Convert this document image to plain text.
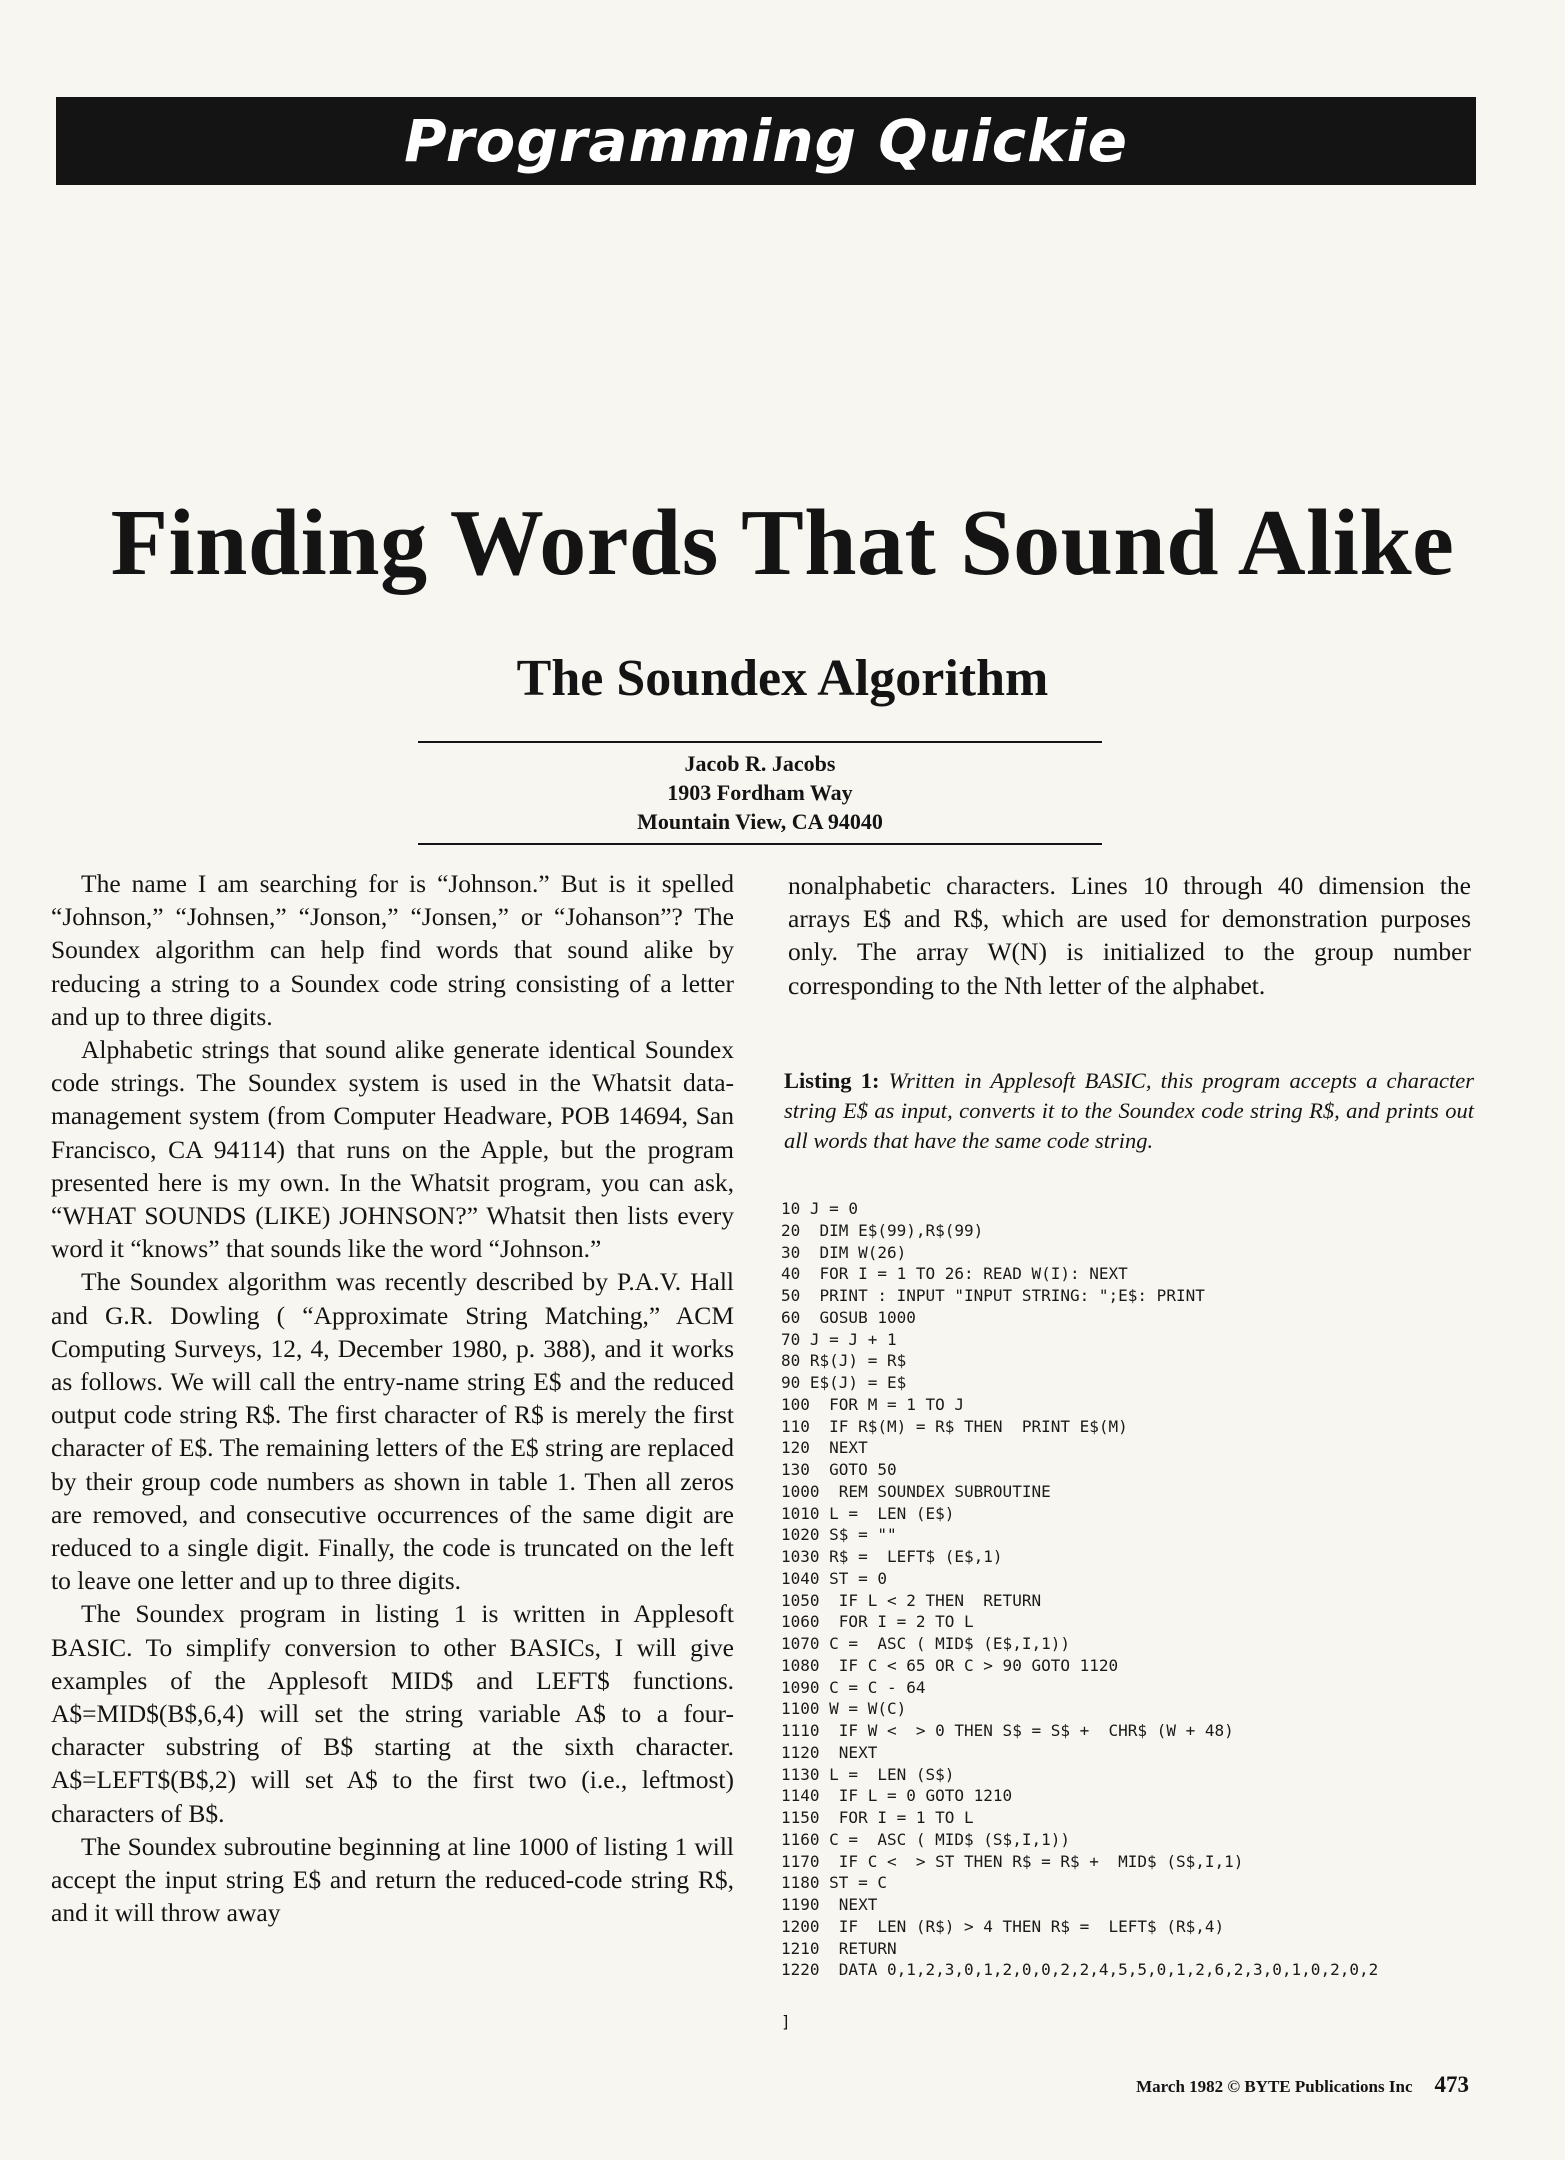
Programming Quickie
Finding Words That Sound Alike
The Soundex Algorithm
Jacob R. Jacobs
1903 Fordham Way
Mountain View, CA 94040

The name I am searching for is “Johnson.” But is it spelled “Johnson,” “Johnsen,” “Jonson,” “Jonsen,” or “Johanson”? The Soundex algorithm can help find words that sound alike by reducing a string to a Soundex code string consisting of a letter and up to three digits.

Alphabetic strings that sound alike generate identical Soundex code strings. The Soundex system is used in the Whatsit data-management system (from Computer Headware, POB 14694, San Francisco, CA 94114) that runs on the Apple, but the program presented here is my own. In the Whatsit program, you can ask, “WHAT SOUNDS (LIKE) JOHNSON?” Whatsit then lists every word it “knows” that sounds like the word “Johnson.”

The Soundex algorithm was recently described by P.A.V. Hall and G.R. Dowling ( “Approximate String Matching,” ACM Computing Surveys, 12, 4, December 1980, p. 388), and it works as follows. We will call the entry-name string E$ and the reduced output code string R$. The first character of R$ is merely the first character of E$. The remaining letters of the E$ string are replaced by their group code numbers as shown in table 1. Then all zeros are removed, and consecutive occurrences of the same digit are reduced to a single digit. Finally, the code is truncated on the left to leave one letter and up to three digits.

The Soundex program in listing 1 is written in Applesoft BASIC. To simplify conversion to other BASICs, I will give examples of the Applesoft MID$ and LEFT$ functions. A$=MID$(B$,6,4) will set the string variable A$ to a four-character substring of B$ starting at the sixth character. A$=LEFT$(B$,2) will set A$ to the first two (i.e., leftmost) characters of B$.

The Soundex subroutine beginning at line 1000 of listing 1 will accept the input string E$ and return the reduced-code string R$, and it will throw away

nonalphabetic characters. Lines 10 through 40 dimension the arrays E$ and R$, which are used for demonstration purposes only. The array W(N) is initialized to the group number corresponding to the Nth letter of the alphabet.

Listing 1: Written in Applesoft BASIC, this program accepts a character string E$ as input, converts it to the Soundex code string R$, and prints out all words that have the same code string.
10 J = 0
20  DIM E$(99),R$(99)
30  DIM W(26)
40  FOR I = 1 TO 26: READ W(I): NEXT
50  PRINT : INPUT "INPUT STRING: ";E$: PRINT
60  GOSUB 1000
70 J = J + 1
80 R$(J) = R$
90 E$(J) = E$
100  FOR M = 1 TO J
110  IF R$(M) = R$ THEN  PRINT E$(M)
120  NEXT
130  GOTO 50
1000  REM SOUNDEX SUBROUTINE
1010 L =  LEN (E$)
1020 S$ = ""
1030 R$ =  LEFT$ (E$,1)
1040 ST = 0
1050  IF L < 2 THEN  RETURN
1060  FOR I = 2 TO L
1070 C =  ASC ( MID$ (E$,I,1))
1080  IF C < 65 OR C > 90 GOTO 1120
1090 C = C - 64
1100 W = W(C)
1110  IF W <  > 0 THEN S$ = S$ +  CHR$ (W + 48)
1120  NEXT
1130 L =  LEN (S$)
1140  IF L = 0 GOTO 1210
1150  FOR I = 1 TO L
1160 C =  ASC ( MID$ (S$,I,1))
1170  IF C <  > ST THEN R$ = R$ +  MID$ (S$,I,1)
1180 ST = C
1190  NEXT
1200  IF  LEN (R$) > 4 THEN R$ =  LEFT$ (R$,4)
1210  RETURN
1220  DATA 0,1,2,3,0,1,2,0,0,2,2,4,5,5,0,1,2,6,2,3,0,1,0,2,0,2
]
March 1982 © BYTE Publications Inc 473
